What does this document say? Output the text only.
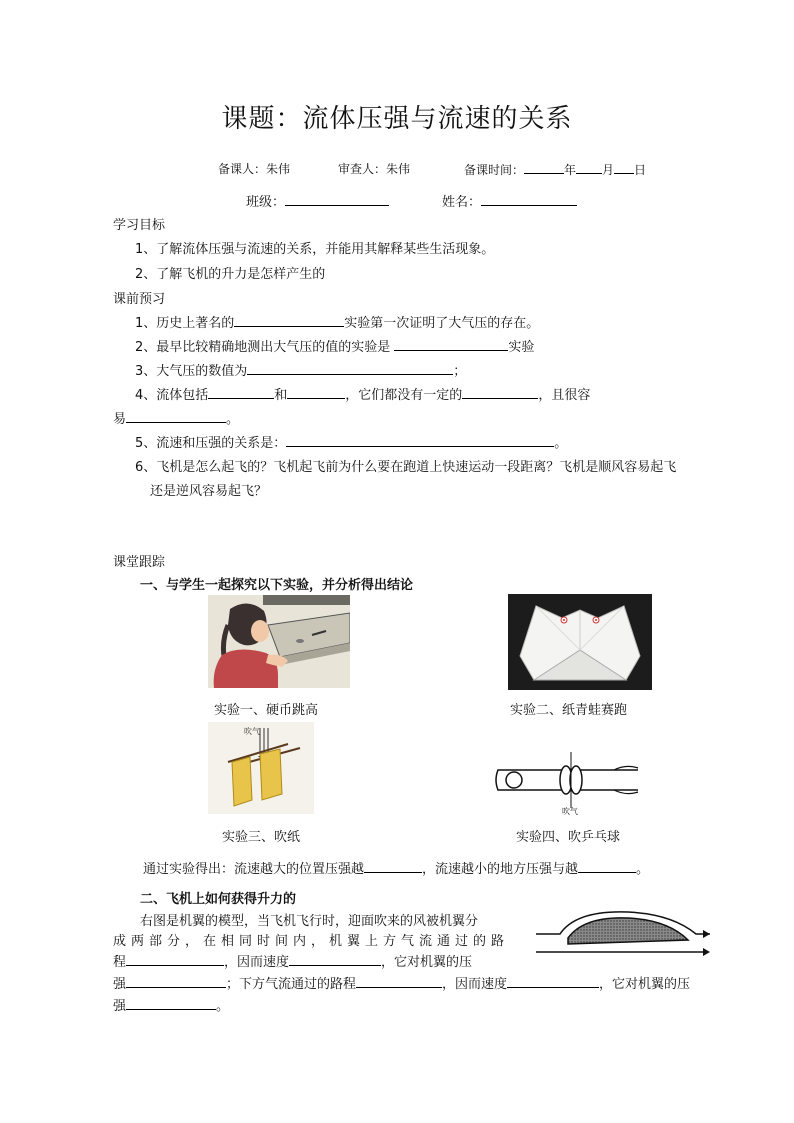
课题：流体压强与流速的关系
备课人：朱伟	审查人：朱伟	备课时间：	年 月 日
班级：	姓名：
学习目标
1、了解流体压强与流速的关系，并能用其解释某些生活现象。
2、了解飞机的升力是怎样产生的
课前预习
1、历史上著名的	实验第一次证明了大气压的存在。
2、最早比较精确地测出大气压的值的实验是	实验
3、大气压的数值为	；
4、流体包括	和	，它们都没有一定的	，且很容
易	。
5、流速和压强的关系是：	。
6、飞机是怎么起飞的？飞机起飞前为什么要在跑道上快速运动一段距离？飞机是顺风容易起飞
还是逆风容易起飞？
课堂跟踪
一、与学生一起探究以下实验，并分析得出结论
实验一、硬币跳高	实验二、纸青蛙赛跑
吹气
实验三、吹纸
吹气
实验四、吹乒乓球
通过实验得出：流速越大的位置压强越	，流速越小的地方压强与越	。
二、飞机上如何获得升力的
右图是机翼的模型，当飞机飞行时，迎面吹来的风被机翼分
成两部分，在相同时间内，机翼上方气流通过的路
程	，因而速度	，它对机翼的压
强	；下方气流通过的路程	，因而速度	，它对机翼的压
强	。
